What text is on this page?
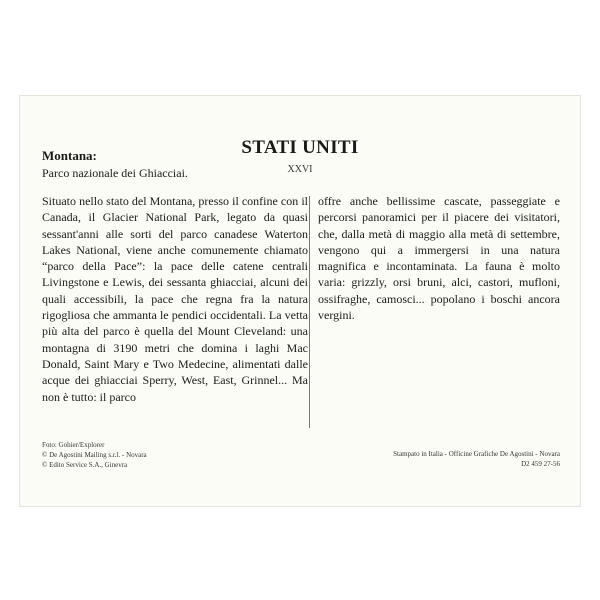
STATI UNITI
XXVI
Montana:
Parco nazionale dei Ghiacciai.
Situato nello stato del Montana, presso il confine con il Canada, il Glacier National Park, legato da quasi sessant'anni alle sorti del parco canadese Waterton Lakes National, viene anche comunemente chiamato “parco della Pace”: la pace delle catene centrali Livingstone e Lewis, dei sessanta ghiacciai, alcuni dei quali accessibili, la pace che regna fra la natura rigogliosa che ammanta le pendici occidentali. La vetta più alta del parco è quella del Mount Cleveland: una montagna di 3190 metri che domina i laghi Mac Donald, Saint Mary e Two Medecine, alimentati dalle acque dei ghiacciai Sperry, West, East, Grinnel... Ma non è tutto: il parco
offre anche bellissime cascate, passeggiate e percorsi panoramici per il piacere dei visitatori, che, dalla metà di maggio alla metà di settembre, vengono qui a immergersi in una natura magnifica e incontaminata. La fauna è molto varia: grizzly, orsi bruni, alci, castori, mufloni, ossifraghe, camosci... popolano i boschi ancora vergini.
Foto: Gohier/Explorer
© De Agostini Mailing s.r.l. - Novara
© Edito Service S.A., Ginevra
Stampato in Italia - Officine Grafiche De Agostini - Novara
D2 459 27-56
